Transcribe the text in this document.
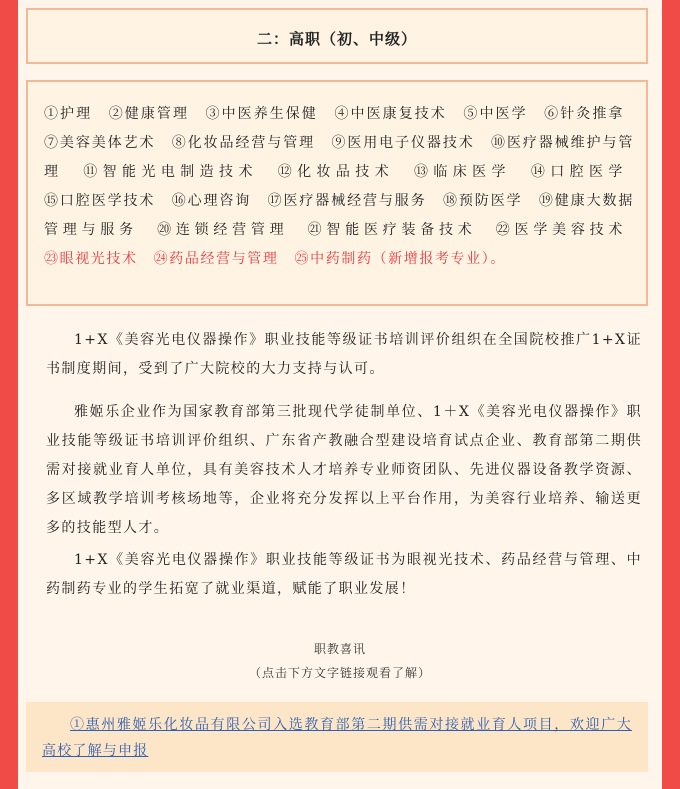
二：高职（初、中级）
①护理 ②健康管理 ③中医养生保健 ④中医康复技术 ⑤中医学 ⑥针灸推拿 ⑦美容美体艺术 ⑧化妆品经营与管理 ⑨医用电子仪器技术 ⑩医疗器械维护与管理 ⑪智能光电制造技术 ⑫化妆品技术 ⑬临床医学 ⑭口腔医学 ⑮口腔医学技术 ⑯心理咨询 ⑰医疗器械经营与服务 ⑱预防医学 ⑲健康大数据管理与服务 ⑳连锁经营管理 ㉑智能医疗装备技术 ㉒医学美容技术 ㉓眼视光技术 ㉔药品经营与管理 ㉕中药制药（新增报考专业）。
1+X《美容光电仪器操作》职业技能等级证书培训评价组织在全国院校推广1+X证书制度期间，受到了广大院校的大力支持与认可。
雅姬乐企业作为国家教育部第三批现代学徒制单位、1＋X《美容光电仪器操作》职业技能等级证书培训评价组织、广东省产教融合型建设培育试点企业、教育部第二期供需对接就业育人单位，具有美容技术人才培养专业师资团队、先进仪器设备教学资源、多区域教学培训考核场地等，企业将充分发挥以上平台作用，为美容行业培养、输送更多的技能型人才。
1+X《美容光电仪器操作》职业技能等级证书为眼视光技术、药品经营与管理、中药制药专业的学生拓宽了就业渠道，赋能了职业发展！
职教喜讯
（点击下方文字链接观看了解）
①惠州雅姬乐化妆品有限公司入选教育部第二期供需对接就业育人项目，欢迎广大高校了解与申报
